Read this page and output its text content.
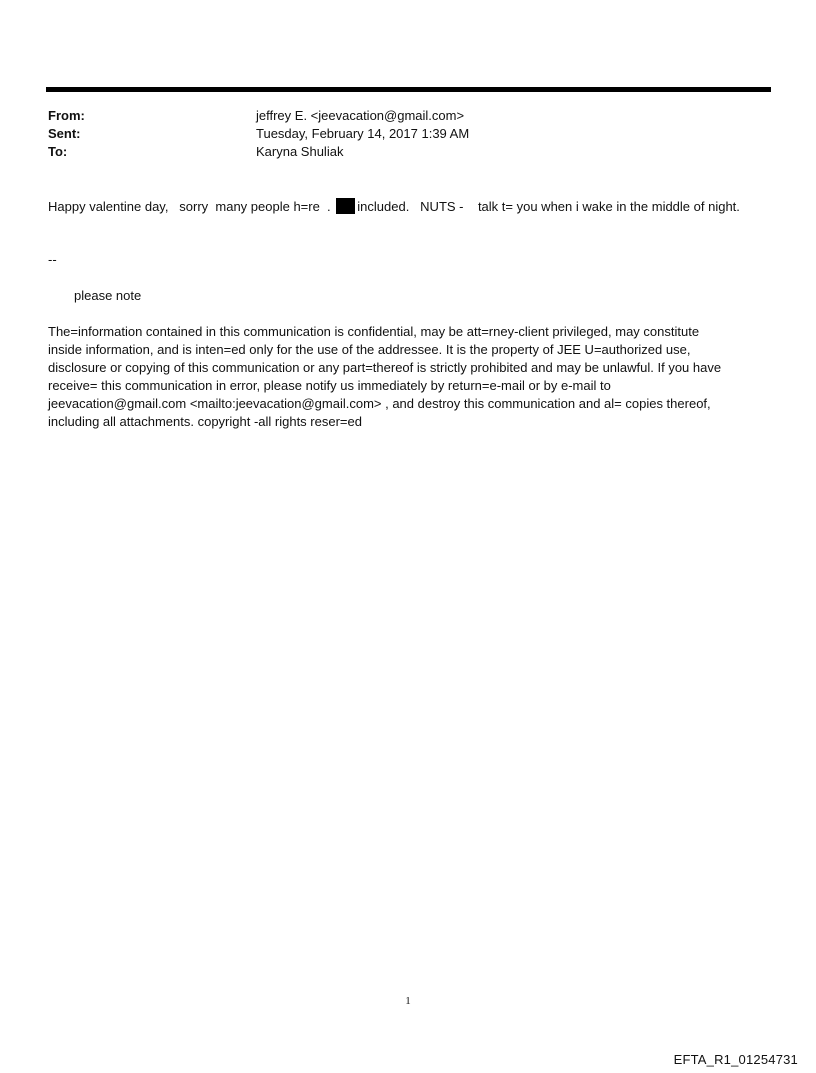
From:	jeffrey E. <jeevacation@gmail.com>
Sent:	Tuesday, February 14, 2017 1:39 AM
To:	Karyna Shuliak
Happy valentine day,   sorry  many people h=re  . included.   NUTS -    talk t= you when i wake in the middle of night.
--
please note
The=information contained in this communication is confidential, may be att=rney-client privileged, may constitute
inside information, and is inten=ed only for the use of the addressee. It is the property of JEE U=authorized use,
disclosure or copying of this communication or any part=thereof is strictly prohibited and may be unlawful. If you have
receive= this communication in error, please notify us immediately by return=e-mail or by e-mail to
jeevacation@gmail.com <mailto:jeevacation@gmail.com> , and destroy this communication and al= copies thereof,
including all attachments. copyright -all rights reser=ed
1
EFTA_R1_01254731
